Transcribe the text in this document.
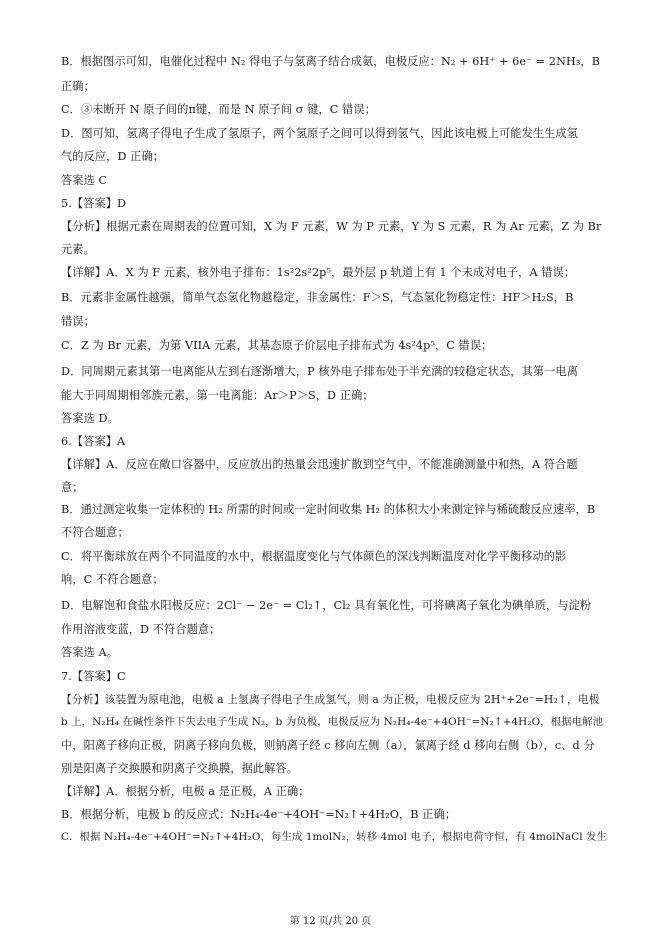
B．根据图示可知，电催化过程中 N₂ 得电子与氢离子结合成氨，电极反应：N₂ + 6H⁺ + 6e⁻ = 2NH₃，B
正确；
C．③未断开 N 原子间的π键，而是 N 原子间 σ 键，C 错误；
D．图可知，氢离子得电子生成了氢原子，两个氢原子之间可以得到氢气，因此该电极上可能发生生成氢
气的反应，D 正确；
答案选 C
5.【答案】D
【分析】根据元素在周期表的位置可知，X 为 F 元素，W 为 P 元素，Y 为 S 元素，R 为 Ar 元素，Z 为 Br
元素。
【详解】A．X 为 F 元素，核外电子排布：1s²2s²2p⁵，最外层 p 轨道上有 1 个未成对电子，A 错误；
B．元素非金属性越强，简单气态氢化物越稳定，非金属性：F＞S，气态氢化物稳定性：HF＞H₂S，B
错误；
C．Z 为 Br 元素，为第 VIIA 元素，其基态原子价层电子排布式为 4s²4p⁵，C 错误；
D．同周期元素其第一电离能从左到右逐渐增大，P 核外电子排布处于半充满的较稳定状态，其第一电离
能大于同周期相邻族元素，第一电离能：Ar＞P＞S，D 正确；
答案选 D。
6.【答案】A
【详解】A．反应在敞口容器中，反应放出的热量会迅速扩散到空气中，不能准确测量中和热，A 符合题
意；
B．通过测定收集一定体积的 H₂ 所需的时间或一定时间收集 H₂ 的体积大小来测定锌与稀硫酸反应速率，B
不符合题意；
C．将平衡球放在两个不同温度的水中，根据温度变化与气体颜色的深浅判断温度对化学平衡移动的影
响，C 不符合题意；
D．电解饱和食盐水阳极反应：2Cl⁻ − 2e⁻ = Cl₂↑，Cl₂ 具有氧化性，可将碘离子氧化为碘单质，与淀粉
作用溶液变蓝，D 不符合题意；
答案选 A。
7.【答案】C
【分析】该装置为原电池，电极 a 上氢离子得电子生成氢气，则 a 为正极，电极反应为 2H⁺+2e⁻=H₂↑，电极
b 上，N₂H₄ 在碱性条件下失去电子生成 N₂，b 为负极，电极反应为 N₂H₄-4e⁻+4OH⁻=N₂↑+4H₂O，根据电解池
中，阳离子移向正极，阴离子移向负极，则钠离子经 c 移向左侧（a），氯离子经 d 移向右侧（b），c、d 分
别是阳离子交换膜和阴离子交换膜，据此解答。
【详解】A．根据分析，电极 a 是正极，A 正确；
B．根据分析，电极 b 的反应式：N₂H₄-4e⁻+4OH⁻=N₂↑+4H₂O，B 正确；
C．根据 N₂H₄-4e⁻+4OH⁻=N₂↑+4H₂O，每生成 1molN₂，转移 4mol 电子，根据电荷守恒，有 4molNaCl 发生
第 12 页/共 20 页
